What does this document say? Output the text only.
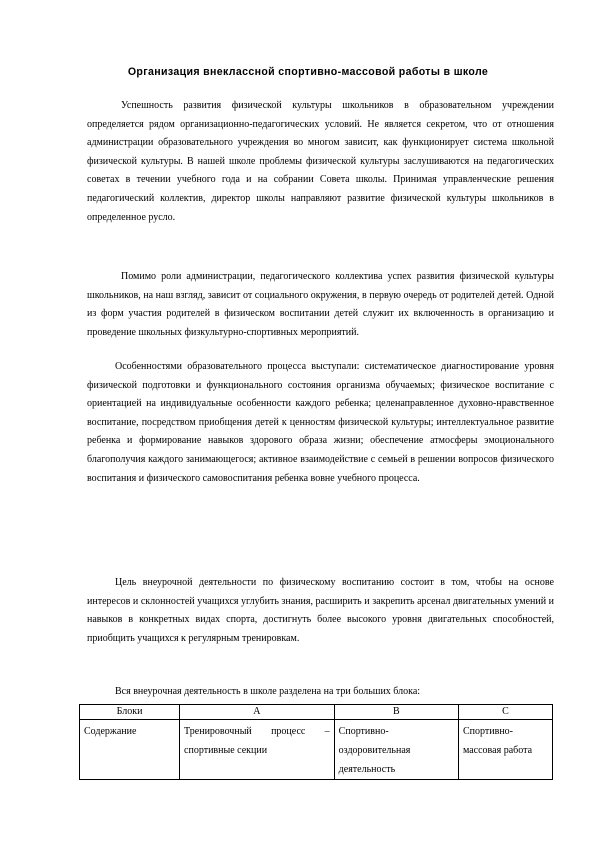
Организация внеклассной спортивно-массовой работы в школе

Успешность развития физической культуры школьников в образовательном учреждении определяется рядом организационно-педагогических условий. Не является секретом, что от отношения администрации образовательного учреждения во многом зависит, как функционирует система школьной физической культуры. В нашей школе проблемы физической культуры заслушиваются на педагогических советах в течении учебного года и на собрании Совета школы. Принимая управленческие решения педагогический коллектив, директор школы направляют развитие физической культуры школьников в определенное русло.

Помимо роли администрации, педагогического коллектива успех развития физической культуры школьников, на наш взгляд, зависит от социального окружения, в первую очередь от родителей детей. Одной из форм участия родителей в физическом воспитании детей служит их включенность в организацию и проведение школьных физкультурно-спортивных мероприятий.

Особенностями образовательного процесса выступали: систематическое диагностирование уровня физической подготовки и функционального состояния организма обучаемых; физическое воспитание с ориентацией на индивидуальные особенности каждого ребенка; целенаправленное духовно-нравственное воспитание, посредством приобщения детей к ценностям физической культуры; интеллектуальное развитие ребенка и формирование навыков здорового образа жизни; обеспечение атмосферы эмоционального благополучия каждого занимающегося; активное взаимодействие с семьей в решении вопросов физического воспитания и физического самовоспитания ребенка вовне учебного процесса.

Цель внеурочной деятельности по физическому воспитанию состоит в том, чтобы на основе интересов и склонностей учащихся углубить знания, расширить и закрепить арсенал двигательных умений и навыков в конкретных видах спорта, достигнуть более высокого уровня двигательных способностей, приобщить учащихся к регулярным тренировкам.

Вся внеурочная деятельность в школе разделена на три больших блока:

Блоки	А	В	С
Содержание	Тренировочный процесс – спортивные секции	Спортивно-оздоровительная деятельность	Спортивно-массовая работа
